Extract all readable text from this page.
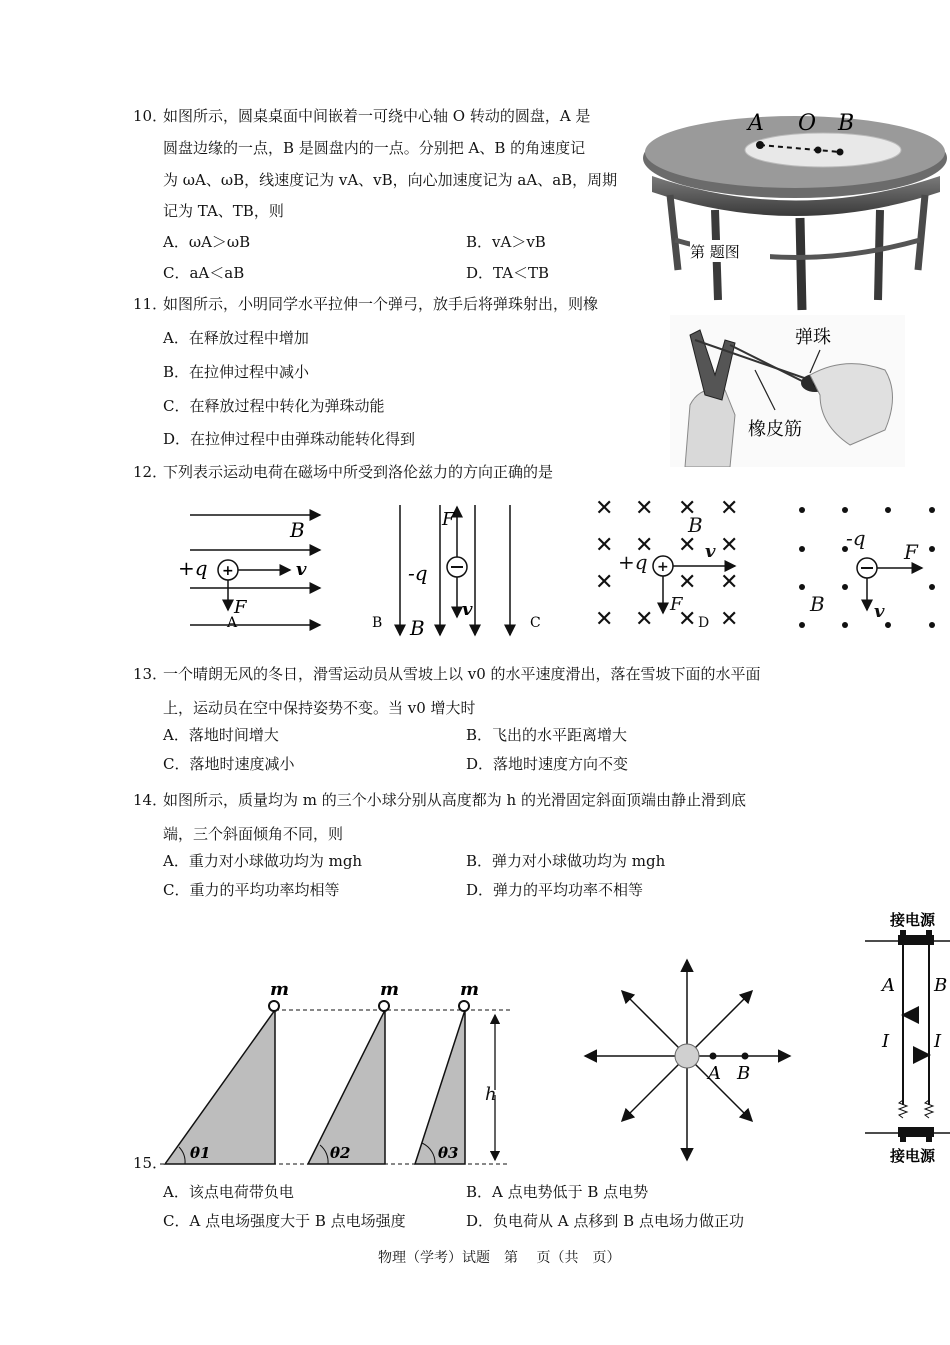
10．
如图所示，圆桌桌面中间嵌着一可绕中心轴 O 转动的圆盘，A 是
圆盘边缘的一点，B 是圆盘内的一点。分别把 A、B 的角速度记
为 ωA、ωB，线速度记为 vA、vB，向心加速度记为 aA、aB，周期
记为 TA、TB，则
A．ωA＞ωB	B．vA＞vB
C．aA＜aB	D．TA＜TB
A O B
第 题图
11．
如图所示，小明同学水平拉伸一个弹弓，放手后将弹珠射出，则橡
A．在释放过程中增加
B．在拉伸过程中减小
C．在释放过程中转化为弹珠动能
D．在拉伸过程中由弹珠动能转化得到
弹珠
橡皮筋
12．
下列表示运动电荷在磁场中所受到洛伦兹力的方向正确的是
+
B
+q	v
F
A
-q
F
v
B
B	C
✕ ✕ ✕ ✕
✕ ✕ ✕ ✕
✕	✕ ✕
✕ ✕ ✕ ✕
+
B
+q	v
F
D
-q
F
v
B
13．
一个晴朗无风的冬日，滑雪运动员从雪坡上以 v0 的水平速度滑出，落在雪坡下面的水平面
上，运动员在空中保持姿势不变。当 v0 增大时
A．落地时间增大	B．飞出的水平距离增大
C．落地时速度减小	D．落地时速度方向不变
14．
如图所示，质量均为 m 的三个小球分别从高度都为 h 的光滑固定斜面顶端由静止滑到底
端，三个斜面倾角不同，则
A．重力对小球做功均为 mgh	B．弹力对小球做功均为 mgh
C．重力的平均功率均相等	D．弹力的平均功率不相等
m	m	m
θ1	θ2	θ3
h
A B
接电源
A B
I I
接电源
15．
A．该点电荷带负电	B．A 点电势低于 B 点电势
C．A 点电场强度大于 B 点电场强度	D．负电荷从 A 点移到 B 点电场力做正功
物理（学考）试题　第　 页（共　页）
